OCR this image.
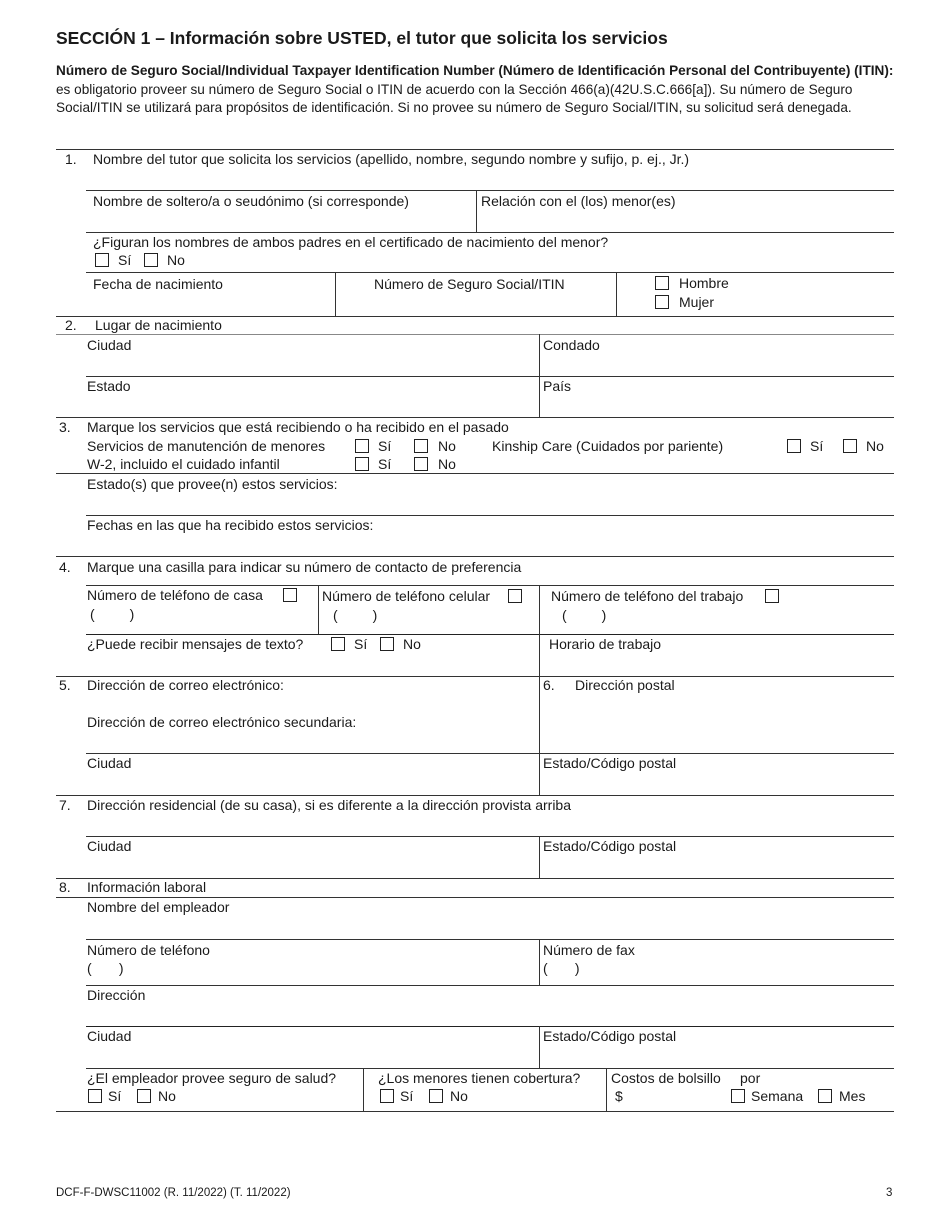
SECCIÓN 1 – Información sobre USTED, el tutor que solicita los servicios
Número de Seguro Social/Individual Taxpayer Identification Number (Número de Identificación Personal del Contribuyente) (ITIN): es obligatorio proveer su número de Seguro Social o ITIN de acuerdo con la Sección 466(a)(42U.S.C.666[a]). Su número de Seguro Social/ITIN se utilizará para propósitos de identificación. Si no provee su número de Seguro Social/ITIN, su solicitud será denegada.
1. Nombre del tutor que solicita los servicios (apellido, nombre, segundo nombre y sufijo, p. ej., Jr.)
Nombre de soltero/a o seudónimo (si corresponde)	Relación con el (los) menor(es)
¿Figuran los nombres de ambos padres en el certificado de nacimiento del menor?
Sí	No
Fecha de nacimiento	Número de Seguro Social/ITIN	Hombre
Mujer
2. Lugar de nacimiento
Ciudad	Condado
Estado	País
3. Marque los servicios que está recibiendo o ha recibido en el pasado
Servicios de manutención de menores	Sí	No	Kinship Care (Cuidados por pariente)	Sí	No
W-2, incluido el cuidado infantil	Sí	No
Estado(s) que provee(n) estos servicios:
Fechas en las que ha recibido estos servicios:
4. Marque una casilla para indicar su número de contacto de preferencia
Número de teléfono de casa
(         )
Número de teléfono celular
(         )
Número de teléfono del trabajo
(         )
¿Puede recibir mensajes de texto?	Sí	No	Horario de trabajo
5. Dirección de correo electrónico:
Dirección de correo electrónico secundaria:
6. Dirección postal
Ciudad	Estado/Código postal
7. Dirección residencial (de su casa), si es diferente a la dirección provista arriba
Ciudad	Estado/Código postal
8. Información laboral
Nombre del empleador
Número de teléfono
(       )
Número de fax
(       )
Dirección
Ciudad	Estado/Código postal
¿El empleador provee seguro de salud?
Sí	No
¿Los menores tienen cobertura?
Sí	No
Costos de bolsillo por
$	Semana	Mes
DCF-F-DWSC11002 (R. 11/2022) (T. 11/2022)	3
